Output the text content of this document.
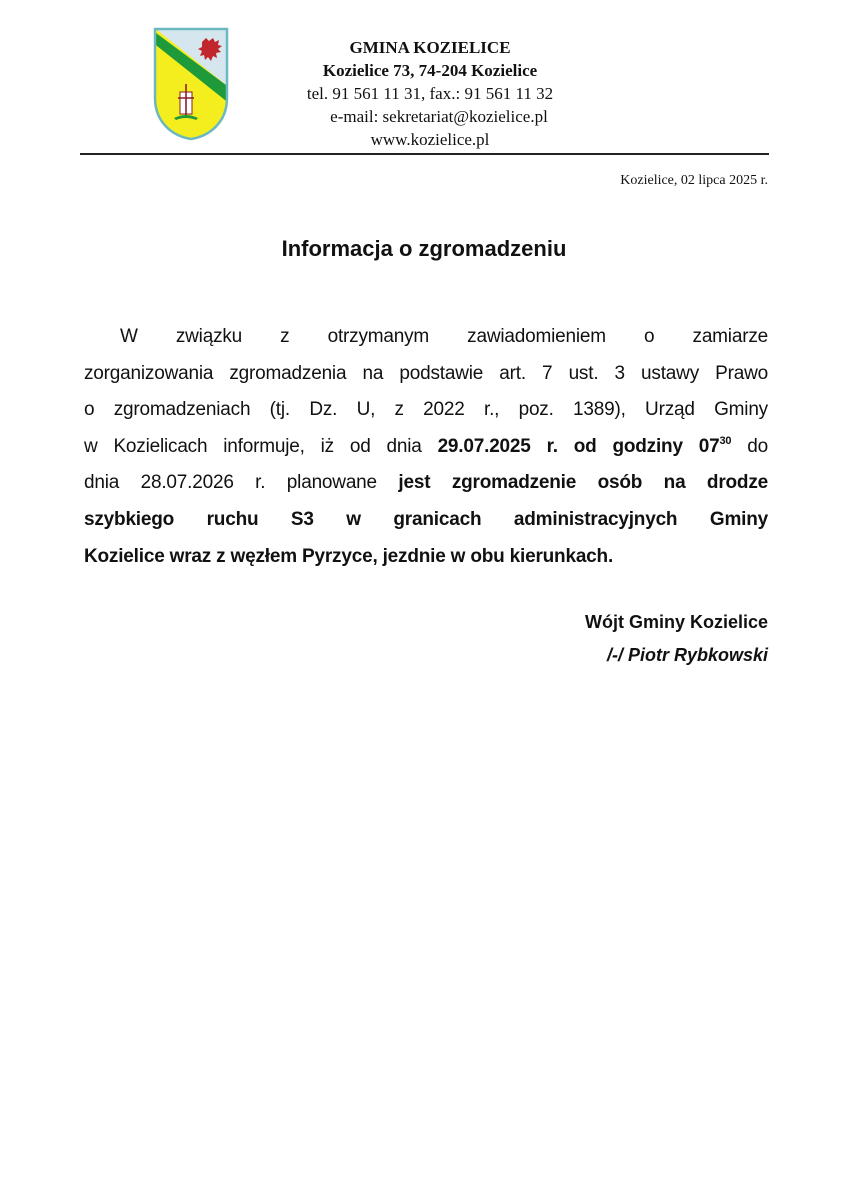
GMINA KOZIELICE
Kozielice 73, 74-204 Kozielice
tel. 91 561 11 31, fax.: 91 561 11 32
e-mail: sekretariat@kozielice.pl
www.kozielice.pl
Kozielice, 02 lipca 2025 r.
Informacja o zgromadzeniu
W związku z otrzymanym zawiadomieniem o zamiarze
zorganizowania zgromadzenia na podstawie art. 7 ust. 3 ustawy Prawo
o zgromadzeniach (tj. Dz. U, z 2022 r., poz. 1389), Urząd Gminy
w Kozielicach informuje, iż od dnia 29.07.2025 r. od godziny $07^{30}$ do
dnia 28.07.2026 r. planowane jest zgromadzenie osób na drodze
szybkiego ruchu S3 w granicach administracyjnych Gminy
Kozielice wraz z węzłem Pyrzyce, jezdnie w obu kierunkach.
Wójt Gminy Kozielice
/-/ Piotr Rybkowski
